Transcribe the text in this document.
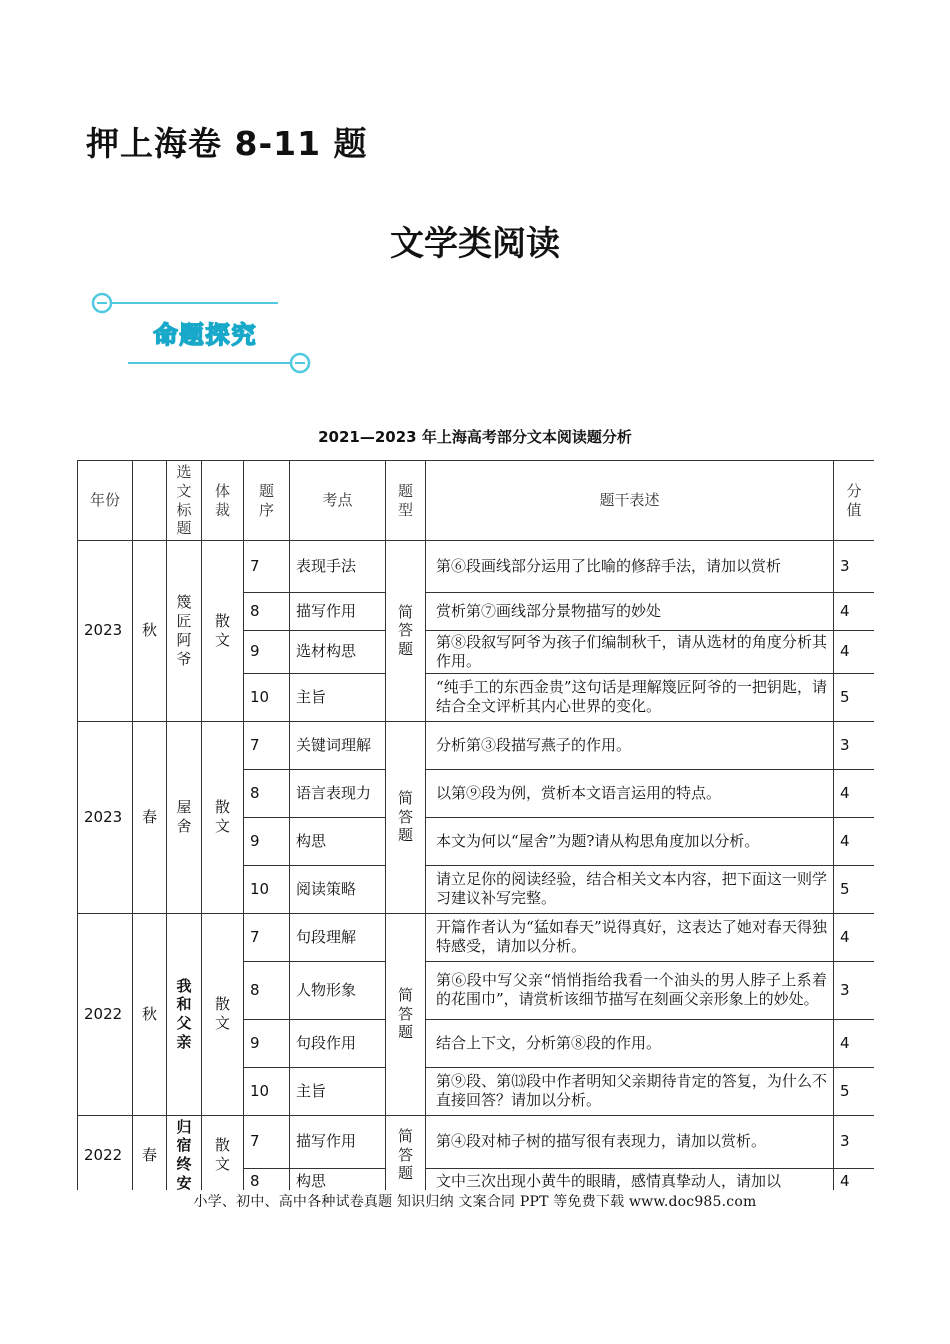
押上海卷 8-11 题
文学类阅读
命题探究
2021—2023 年上海高考部分文本阅读题分析
年份		选文标题	体裁	题序	考点	题型	题干表述	分值

2023	秋	篾匠阿爷	散文	7	表现手法	简答题	第⑥段画线部分运用了比喻的修辞手法，请加以赏析	3
				8	描写作用		赏析第⑦画线部分景物描写的妙处	4
				9	选材构思		第⑧段叙写阿爷为孩子们编制秋千，请从选材的角度分析其作用。	4
				10	主旨		“纯手工的东西金贵”这句话是理解篾匠阿爷的一把钥匙，请结合全文评析其内心世界的变化。	5
2023	春	屋舍	散文	7	关键词理解	简答题	分析第③段描写燕子的作用。	3
				8	语言表现力		以第⑨段为例，赏析本文语言运用的特点。	4
				9	构思		本文为何以“屋舍”为题?请从构思角度加以分析。	4
				10	阅读策略		请立足你的阅读经验，结合相关文本内容，把下面这一则学习建议补写完整。	5
2022	秋	我和父亲	散文	7	句段理解	简答题	开篇作者认为“猛如春天”说得真好，这表达了她对春天得独特感受，请加以分析。	4
				8	人物形象		第⑥段中写父亲“悄悄指给我看一个油头的男人脖子上系着的花围巾”，请赏析该细节描写在刻画父亲形象上的妙处。	3
				9	句段作用		结合上下文，分析第⑧段的作用。	4
				10	主旨		第⑨段、第⒀段中作者明知父亲期待肯定的答复，为什么不直接回答？请加以分析。	5
2022	春	归宿终安	散文	7	描写作用	简答题	第④段对柿子树的描写很有表现力，请加以赏析。	3
				8	构思		文中三次出现小黄牛的眼睛，感情真挚动人，请加以	4
小学、初中、高中各种试卷真题 知识归纳 文案合同 PPT 等免费下载 www.doc985.com
